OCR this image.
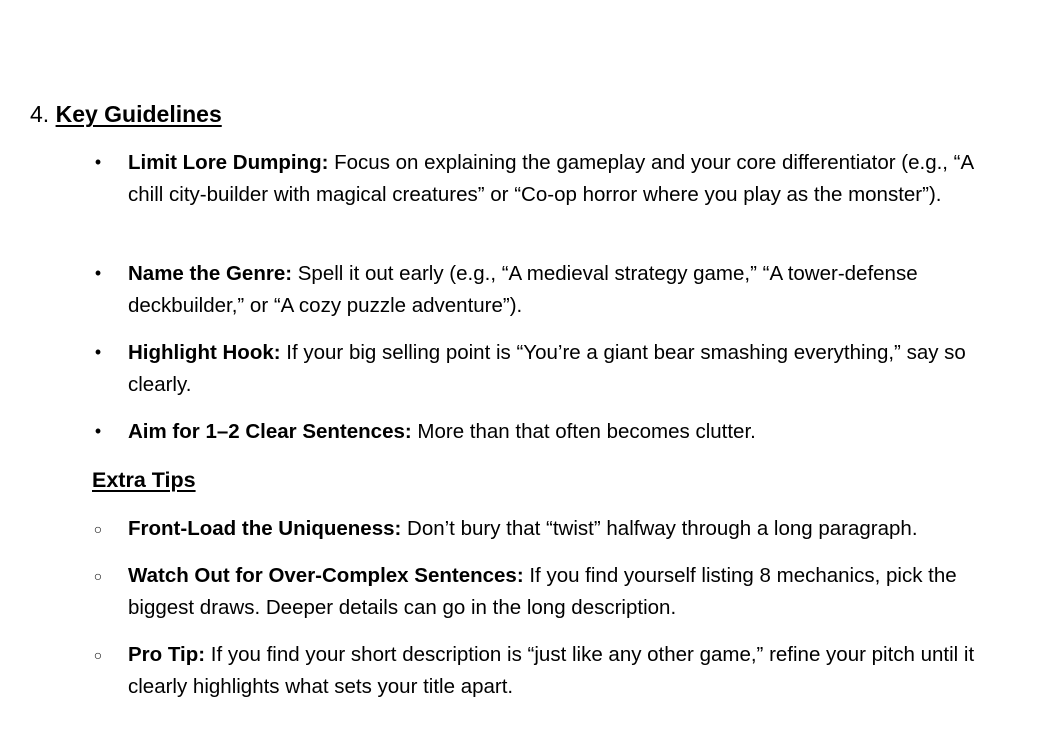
4. Key Guidelines
• Limit Lore Dumping: Focus on explaining the gameplay and your core differentiator (e.g., “A chill city-builder with magical creatures” or “Co-op horror where you play as the monster”).
• Name the Genre: Spell it out early (e.g., “A medieval strategy game,” “A tower-defense deckbuilder,” or “A cozy puzzle adventure”).
• Highlight Hook: If your big selling point is “You’re a giant bear smashing everything,” say so clearly.
• Aim for 1–2 Clear Sentences: More than that often becomes clutter.
Extra Tips
○ Front-Load the Uniqueness: Don’t bury that “twist” halfway through a long paragraph.
○ Watch Out for Over-Complex Sentences: If you find yourself listing 8 mechanics, pick the biggest draws. Deeper details can go in the long description.
○ Pro Tip: If you find your short description is “just like any other game,” refine your pitch until it clearly highlights what sets your title apart.
